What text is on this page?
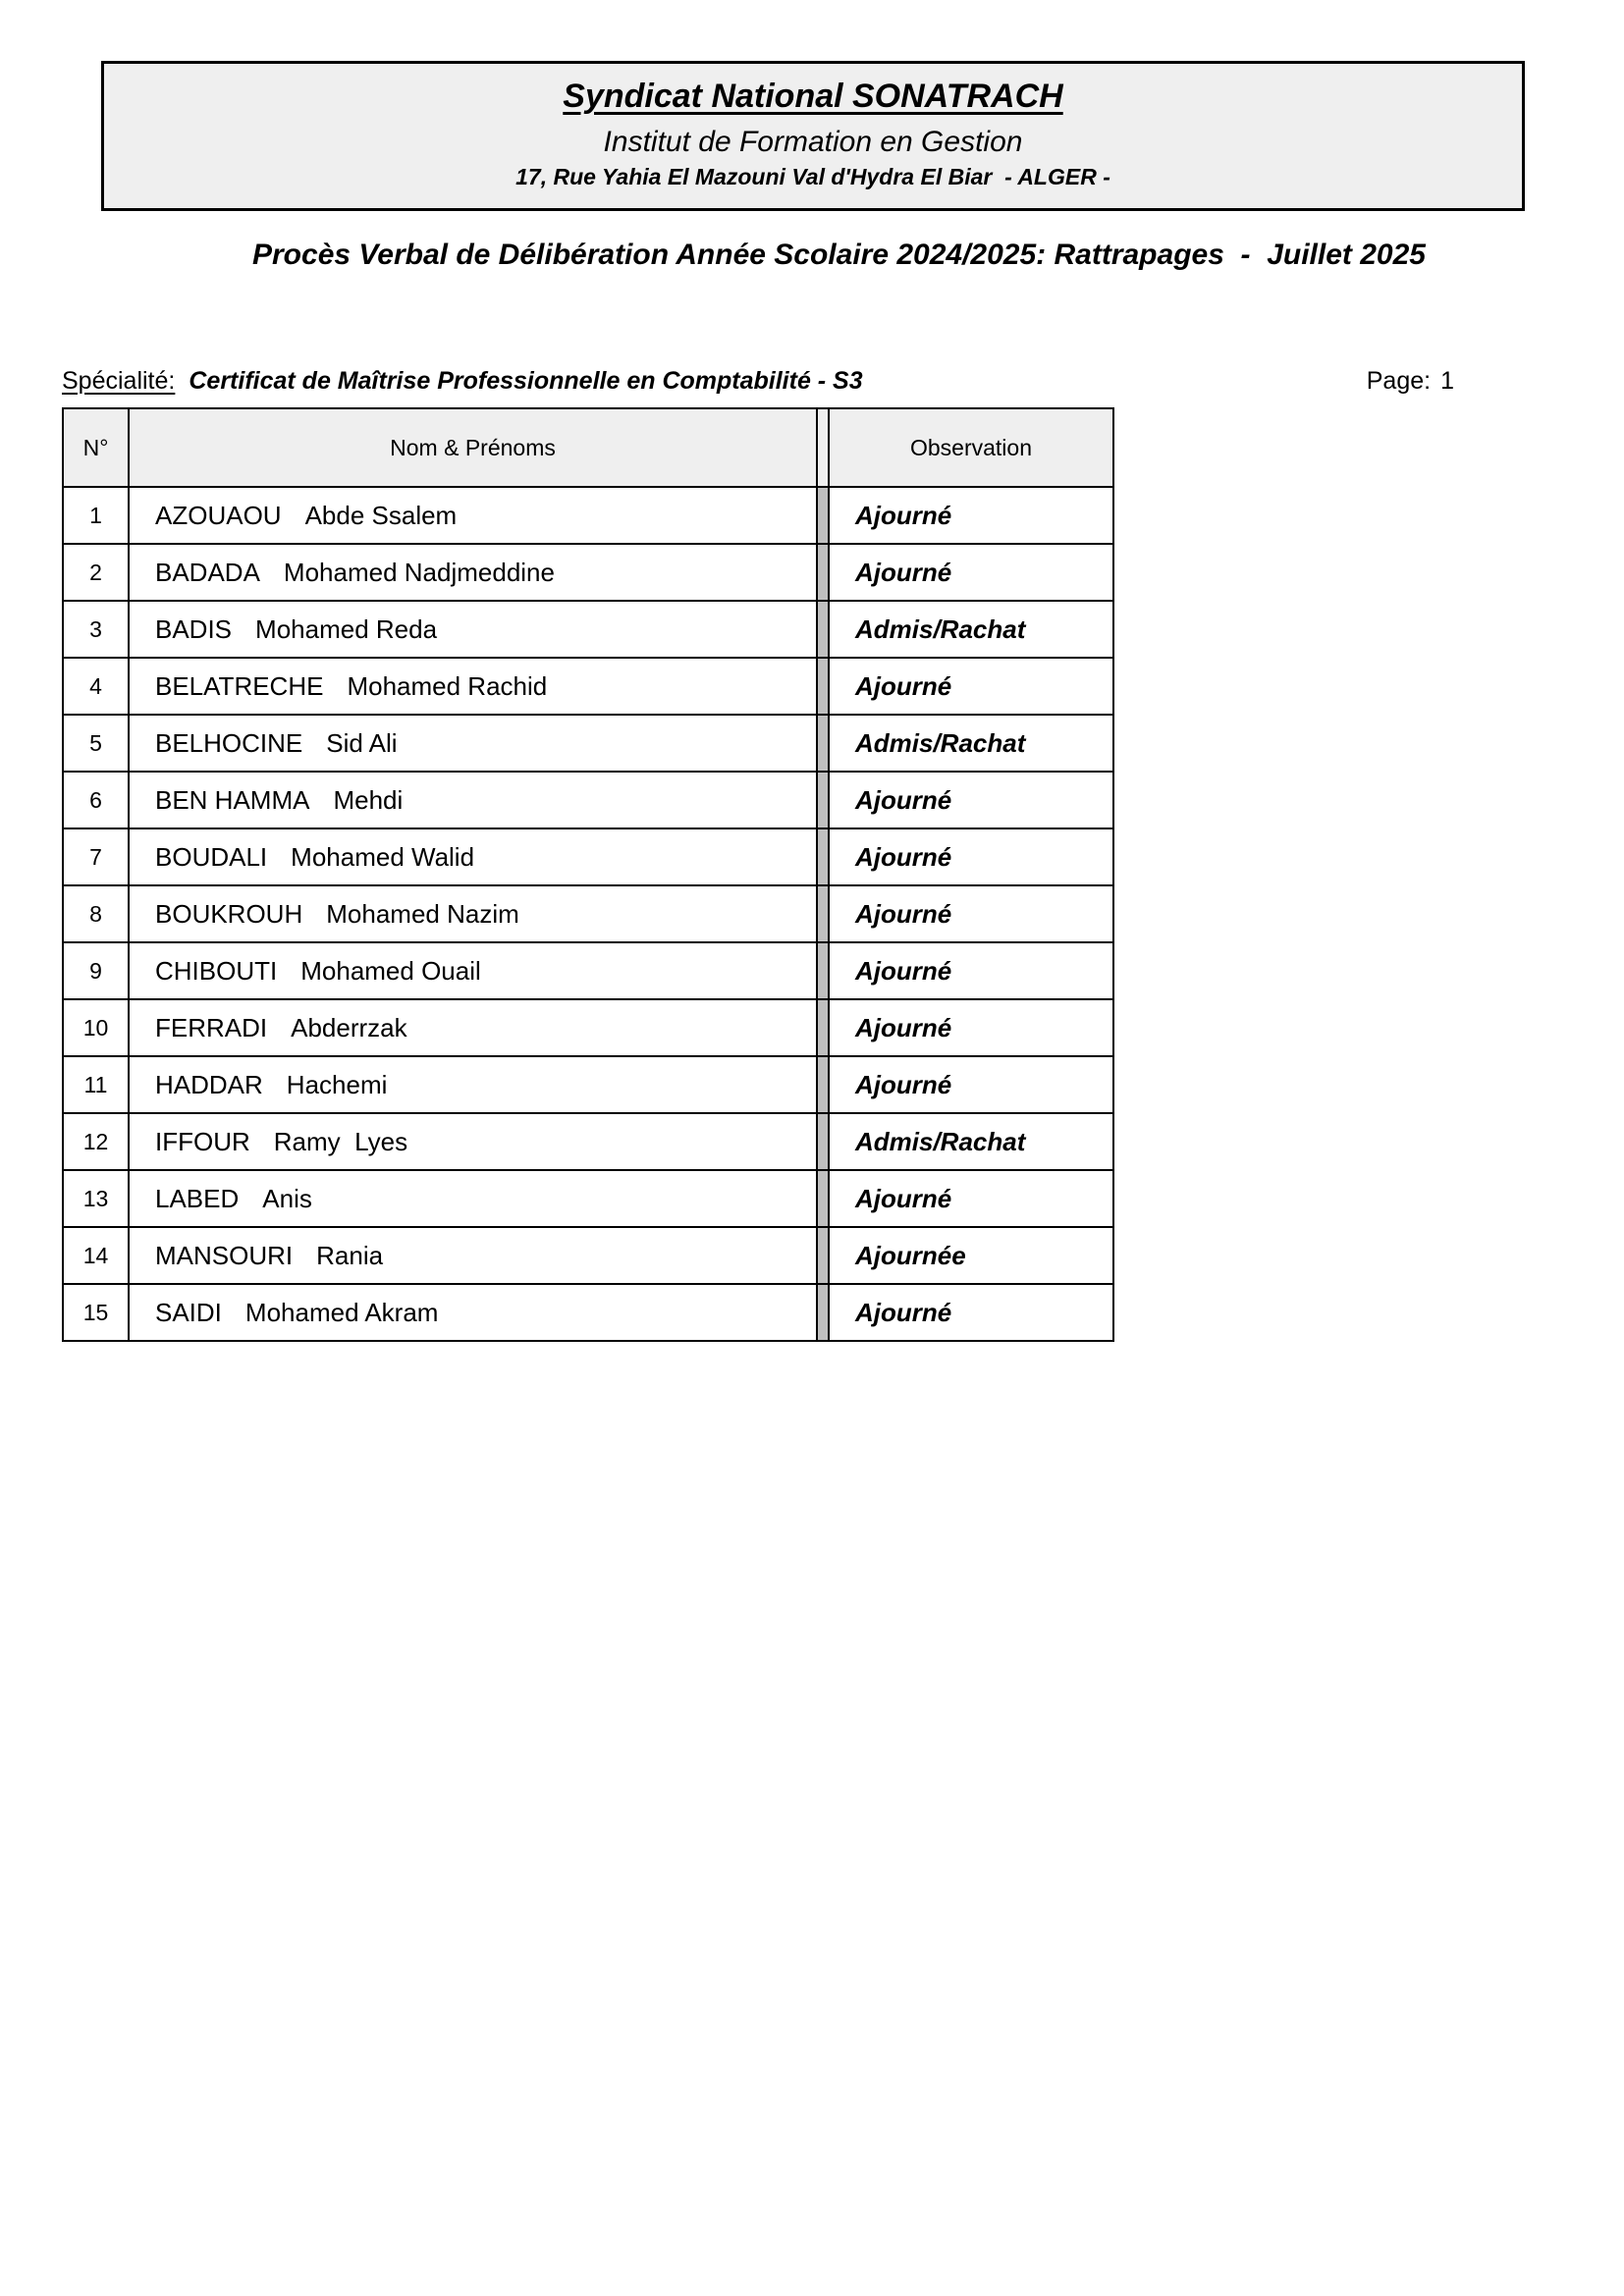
Syndicat National SONATRACH
Institut de Formation en Gestion
17, Rue Yahia El Mazouni Val d'Hydra El Biar  - ALGER -
Procès Verbal de Délibération Année Scolaire 2024/2025: Rattrapages  -  Juillet 2025
Spécialité: Certificat de Maîtrise Professionnelle en Comptabilité - S3	Page: 1
N°	Nom & Prénoms		Observation
1	AZOUAOU Abde Ssalem		Ajourné
2	BADADA Mohamed Nadjmeddine		Ajourné
3	BADIS Mohamed Reda		Admis/Rachat
4	BELATRECHE Mohamed Rachid		Ajourné
5	BELHOCINE Sid Ali		Admis/Rachat
6	BEN HAMMA Mehdi		Ajourné
7	BOUDALI Mohamed Walid		Ajourné
8	BOUKROUH Mohamed Nazim		Ajourné
9	CHIBOUTI Mohamed Ouail		Ajourné
10	FERRADI Abderrzak		Ajourné
11	HADDAR Hachemi		Ajourné
12	IFFOUR Ramy  Lyes		Admis/Rachat
13	LABED Anis		Ajourné
14	MANSOURI Rania		Ajournée
15	SAIDI Mohamed Akram		Ajourné
